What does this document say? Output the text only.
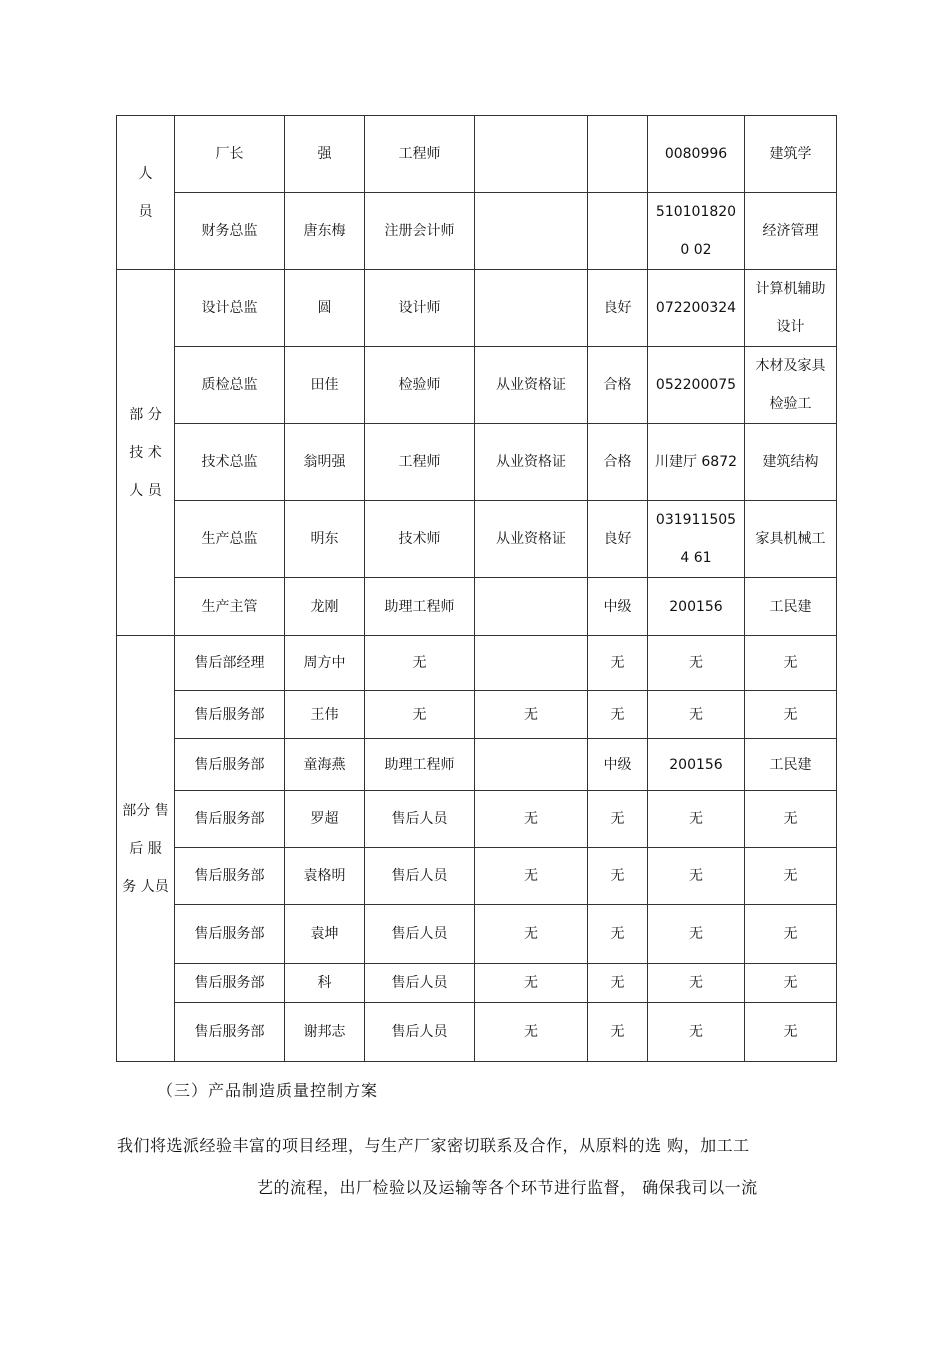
人
员	厂长	强	工程师			0080996	建筑学
	财务总监	唐东梅	注册会计师			5101018200 02	经济管理
部 分 技 术 人 员	设计总监	圆	设计师		良好	072200324	计算机辅助设计
	质检总监	田佳	检验师	从业资格证	合格	052200075	木材及家具检验工
	技术总监	翁明强	工程师	从业资格证	合格	川建厅 6872	建筑结构
	生产总监	明东	技术师	从业资格证	良好	0319115054 61	家具机械工
	生产主管	龙刚	助理工程师		中级	200156	工民建
部分 售后 服 务 人员	售后部经理	周方中	无		无	无	无
	售后服务部	王伟	无	无	无	无	无
	售后服务部	童海燕	助理工程师		中级	200156	工民建
	售后服务部	罗超	售后人员	无	无	无	无
	售后服务部	袁格明	售后人员	无	无	无	无
	售后服务部	袁坤	售后人员	无	无	无	无
	售后服务部	科	售后人员	无	无	无	无
	售后服务部	谢邦志	售后人员	无	无	无	无
（三）产品制造质量控制方案
我们将选派经验丰富的项目经理，与生产厂家密切联系及合作，从原料的选 购，加工工
艺的流程，出厂检验以及运输等各个环节进行监督， 确保我司以一流
